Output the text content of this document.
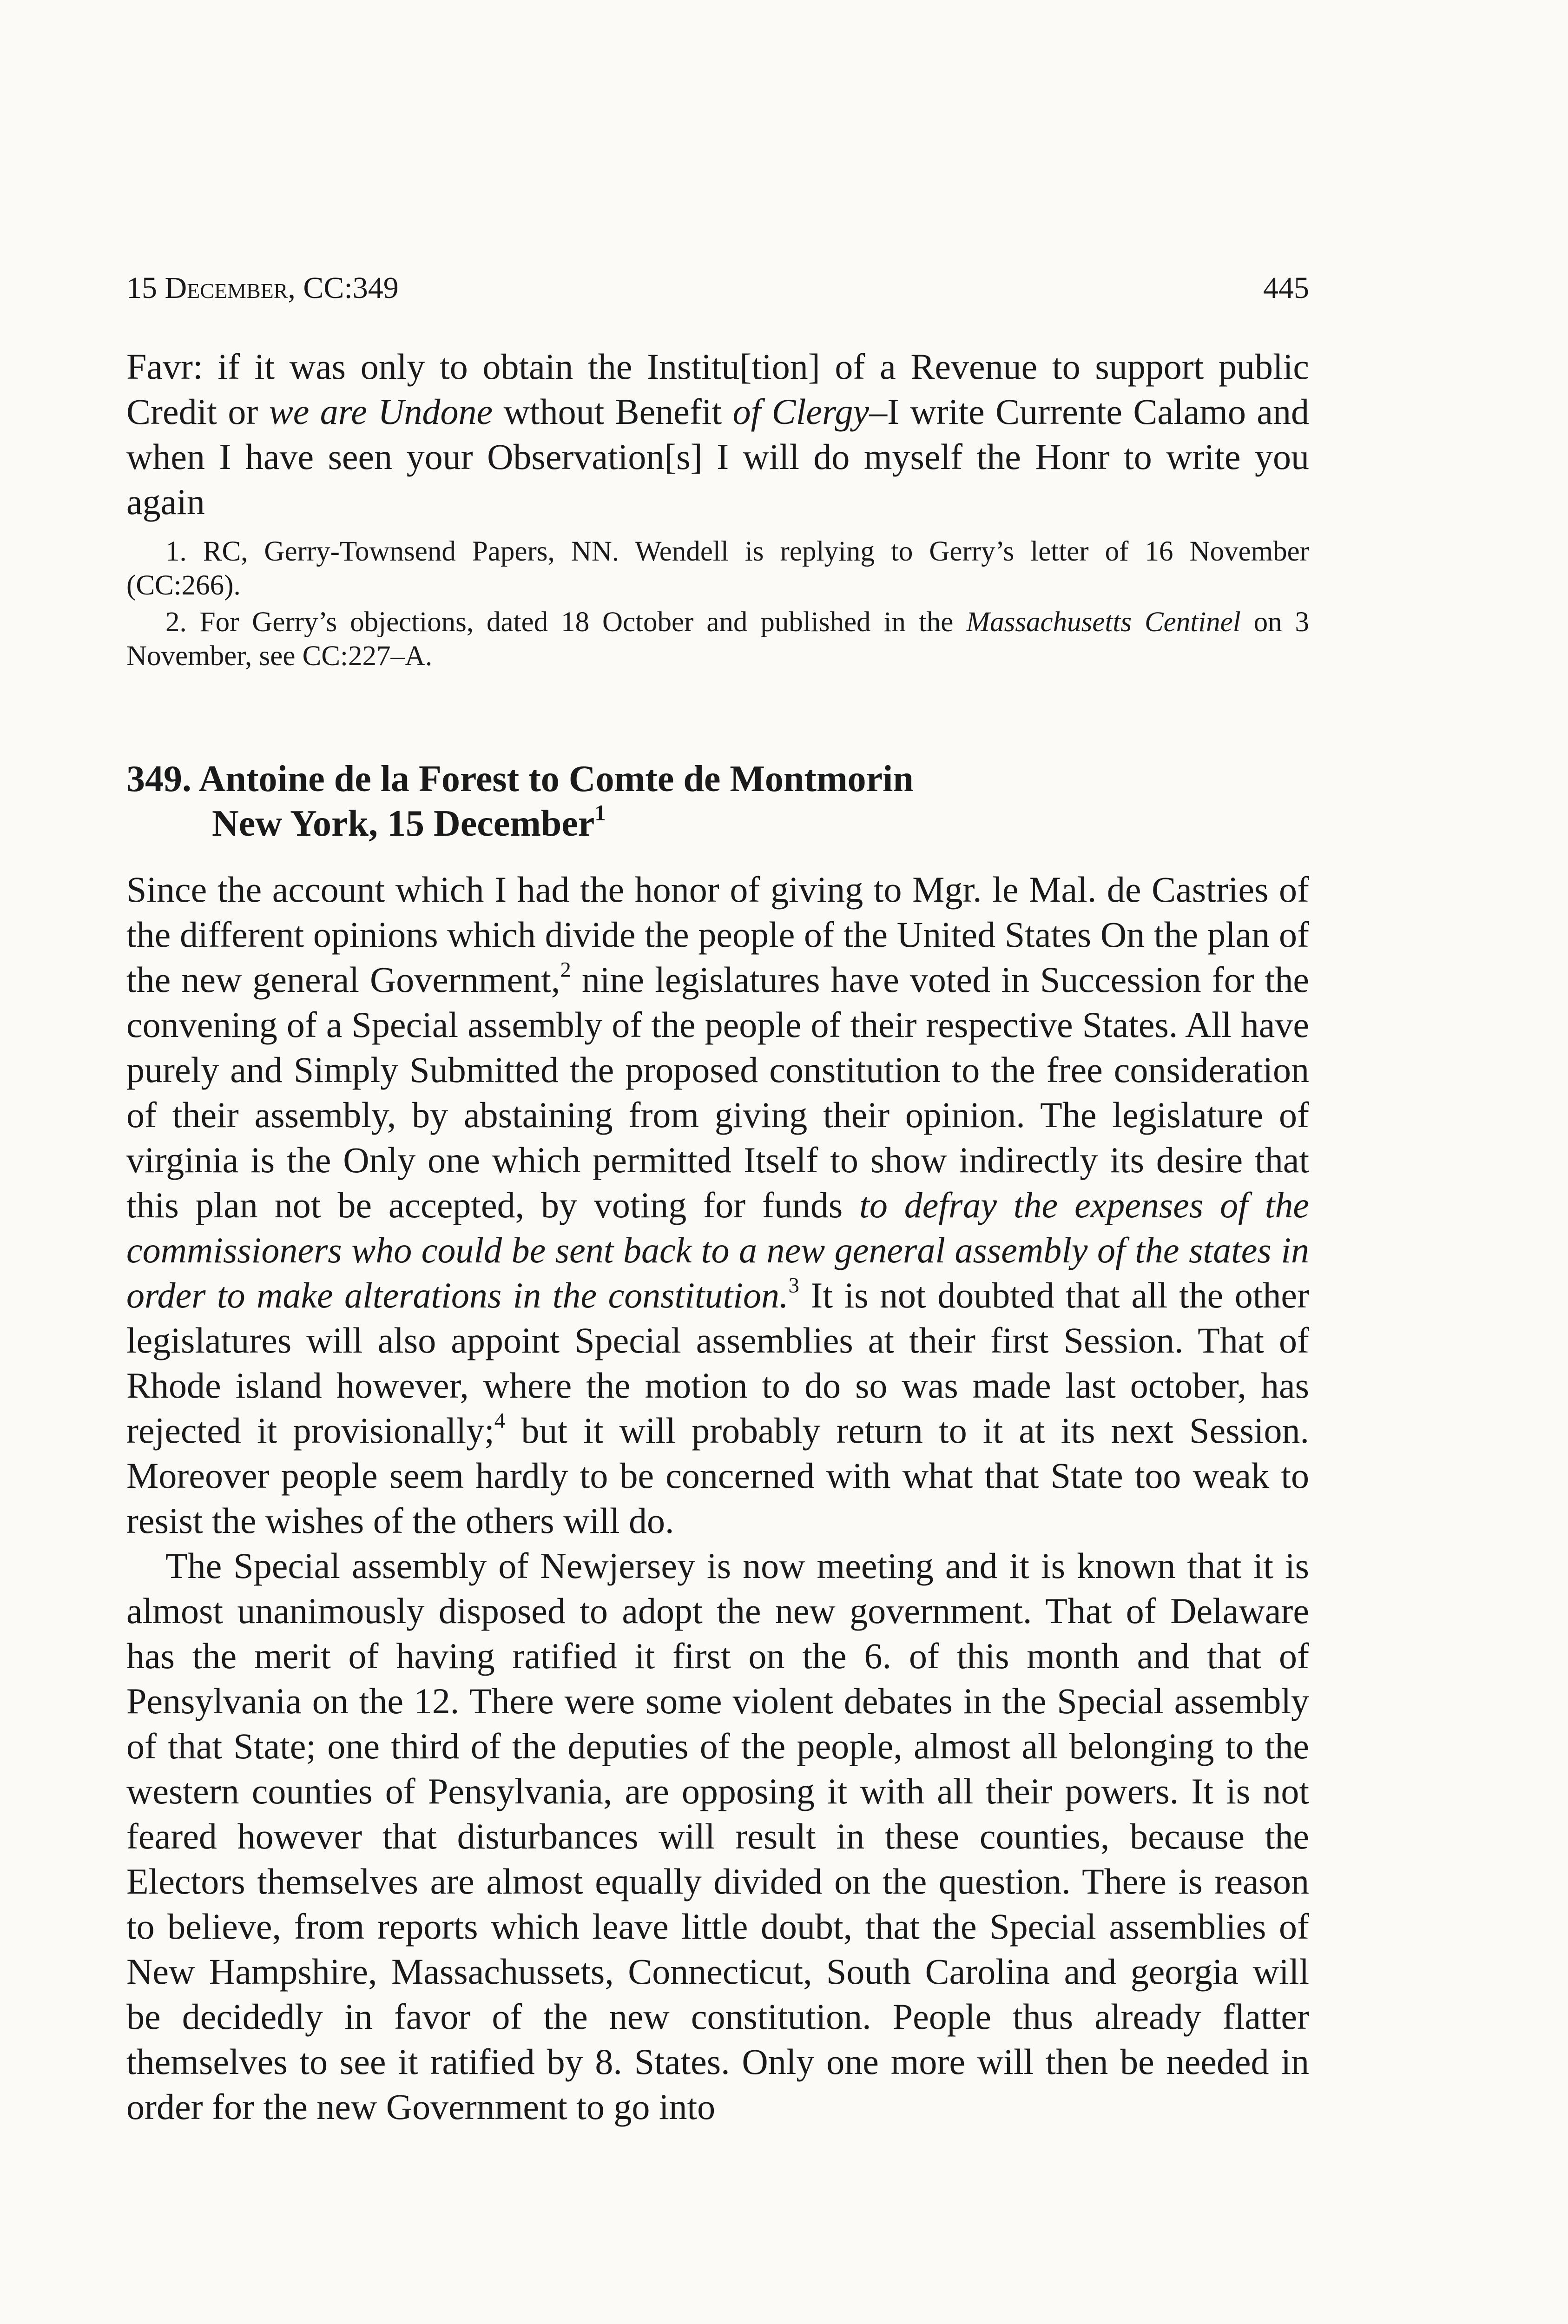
15 December, CC:349	445

Favr: if it was only to obtain the Institu[tion] of a Revenue to support public Credit or we are Undone wthout Benefit of Clergy–I write Currente Calamo and when I have seen your Observation[s] I will do myself the Honr to write you again

1. RC, Gerry-Townsend Papers, NN. Wendell is replying to Gerry’s letter of 16 November (CC:266).

2. For Gerry’s objections, dated 18 October and published in the Massachusetts Centinel on 3 November, see CC:227–A.

349. Antoine de la Forest to Comte de Montmorin
New York, 15 December$^1$

Since the account which I had the honor of giving to Mgr. le Mal. de Castries of the different opinions which divide the people of the United States On the plan of the new general Government,$^2$ nine legislatures have voted in Succession for the convening of a Special assembly of the people of their respective States. All have purely and Simply Submitted the proposed constitution to the free consideration of their assembly, by abstaining from giving their opinion. The legislature of virginia is the Only one which permitted Itself to show indirectly its desire that this plan not be accepted, by voting for funds to defray the expenses of the commissioners who could be sent back to a new general assembly of the states in order to make alterations in the constitution.$^3$ It is not doubted that all the other legislatures will also appoint Special assemblies at their first Session. That of Rhode island however, where the motion to do so was made last october, has rejected it provisionally;$^4$ but it will probably return to it at its next Session. Moreover people seem hardly to be concerned with what that State too weak to resist the wishes of the others will do.

The Special assembly of Newjersey is now meeting and it is known that it is almost unanimously disposed to adopt the new government. That of Delaware has the merit of having ratified it first on the 6. of this month and that of Pensylvania on the 12. There were some violent debates in the Special assembly of that State; one third of the deputies of the people, almost all belonging to the western counties of Pensylvania, are opposing it with all their powers. It is not feared however that disturbances will result in these counties, because the Electors themselves are almost equally divided on the question. There is reason to believe, from reports which leave little doubt, that the Special assemblies of New Hampshire, Massachussets, Connecticut, South Carolina and georgia will be decidedly in favor of the new constitution. People thus already flatter themselves to see it ratified by 8. States. Only one more will then be needed in order for the new Government to go into
